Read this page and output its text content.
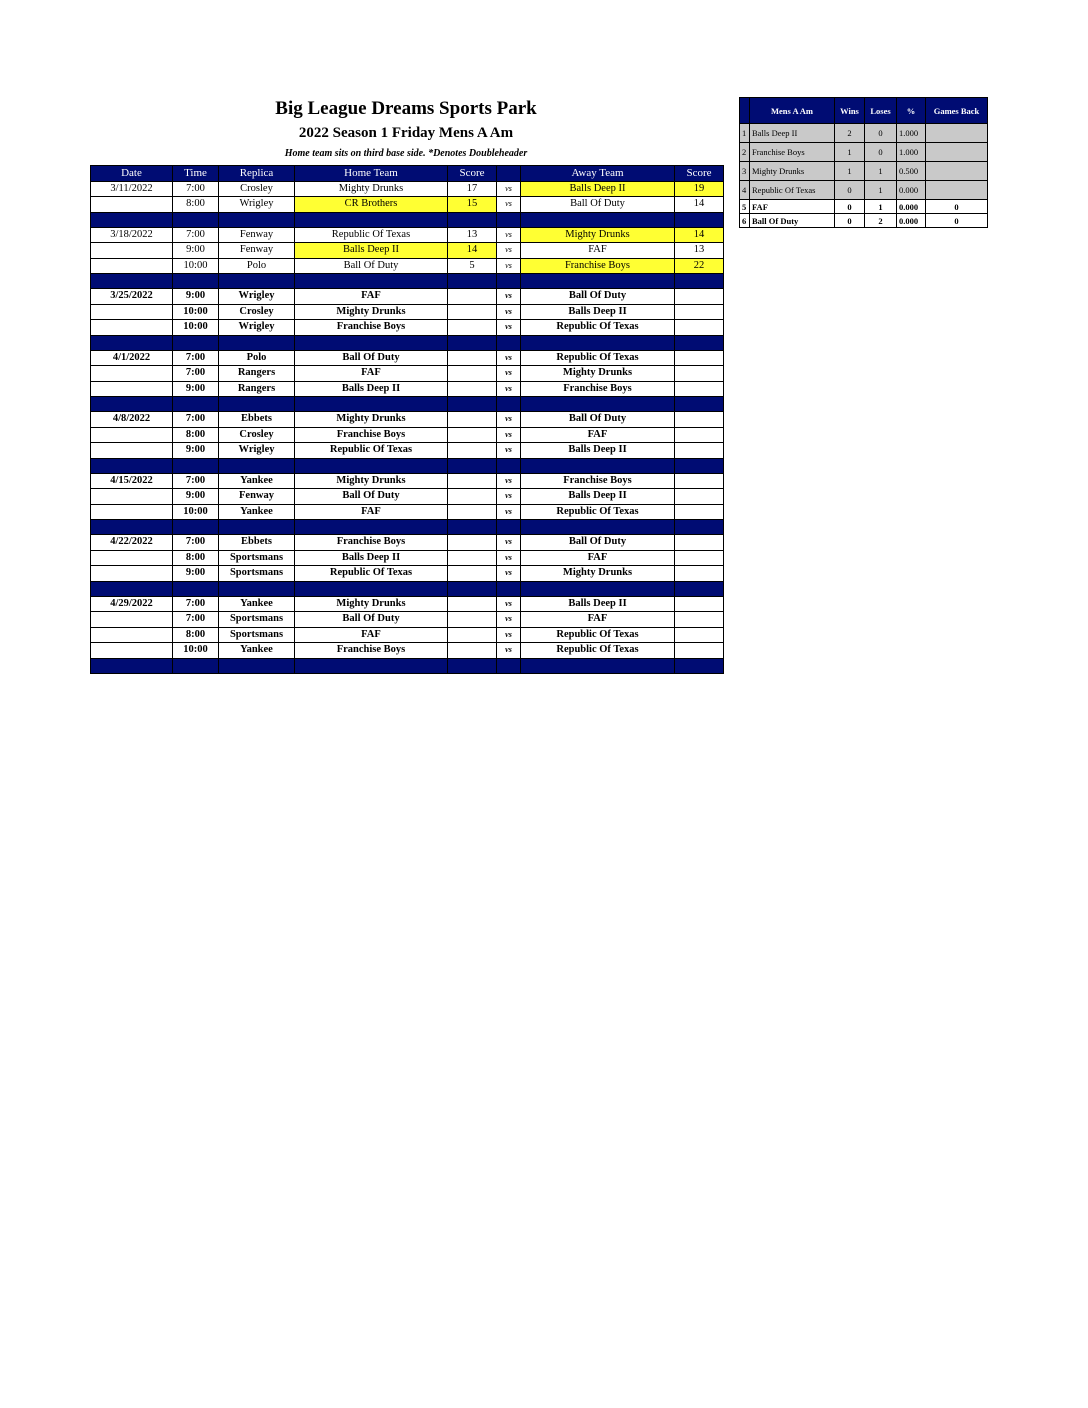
Big League Dreams Sports Park
2022 Season 1 Friday Mens A Am
Home team sits on third base side. *Denotes Doubleheader
Date	Time	Replica	Home Team	Score		Away Team	Score
3/11/2022	7:00	Crosley	Mighty Drunks	17	vs	Balls Deep II	19
	8:00	Wrigley	CR Brothers	15	vs	Ball Of Duty	14

3/18/2022	7:00	Fenway	Republic Of Texas	13	vs	Mighty Drunks	14
	9:00	Fenway	Balls Deep II	14	vs	FAF	13
	10:00	Polo	Ball Of Duty	5	vs	Franchise Boys	22

3/25/2022	9:00	Wrigley	FAF		vs	Ball Of Duty	
	10:00	Crosley	Mighty Drunks		vs	Balls Deep II	
	10:00	Wrigley	Franchise Boys		vs	Republic Of Texas	

4/1/2022	7:00	Polo	Ball Of Duty		vs	Republic Of Texas	
	7:00	Rangers	FAF		vs	Mighty Drunks	
	9:00	Rangers	Balls Deep II		vs	Franchise Boys	

4/8/2022	7:00	Ebbets	Mighty Drunks		vs	Ball Of Duty	
	8:00	Crosley	Franchise Boys		vs	FAF	
	9:00	Wrigley	Republic Of Texas		vs	Balls Deep II	

4/15/2022	7:00	Yankee	Mighty Drunks		vs	Franchise Boys	
	9:00	Fenway	Ball Of Duty		vs	Balls Deep II	
	10:00	Yankee	FAF		vs	Republic Of Texas	

4/22/2022	7:00	Ebbets	Franchise Boys		vs	Ball Of Duty	
	8:00	Sportsmans	Balls Deep II		vs	FAF	
	9:00	Sportsmans	Republic Of Texas		vs	Mighty Drunks	

4/29/2022	7:00	Yankee	Mighty Drunks		vs	Balls Deep II	
	7:00	Sportsmans	Ball Of Duty		vs	FAF	
	8:00	Sportsmans	FAF		vs	Republic Of Texas	
	10:00	Yankee	Franchise Boys		vs	Republic Of Texas	

	Mens A Am	Wins	Loses	%	Games Back
1	Balls Deep II	2	0	1.000	
2	Franchise Boys	1	0	1.000	
3	Mighty Drunks	1	1	0.500	
4	Republic Of Texas	0	1	0.000	
5	FAF	0	1	0.000	0
6	Ball Of Duty	0	2	0.000	0
